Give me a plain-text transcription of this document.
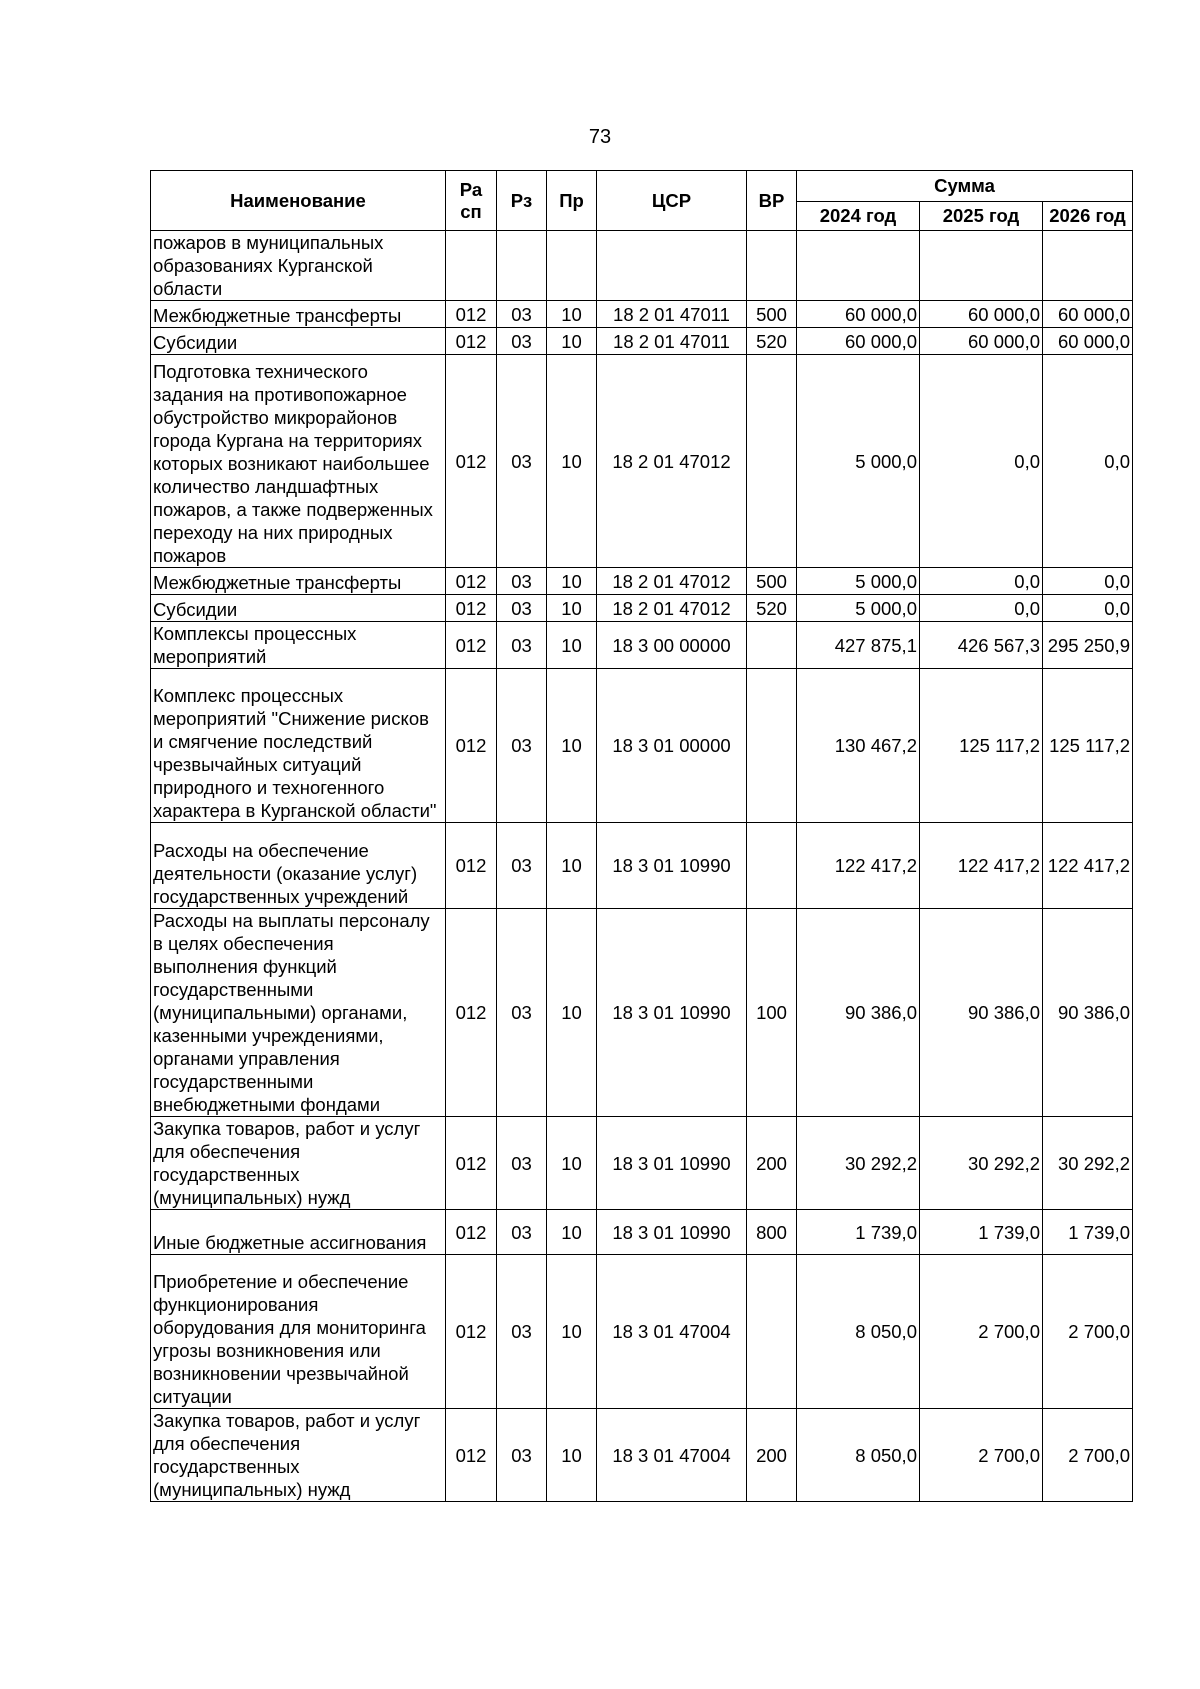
73
Наименование	Ра сп	Рз	Пр	ЦСР	ВР	Сумма		
						2024 год	2025 год	2026 год
пожаров в муниципальных образованиях Курганской области								
Межбюджетные трансферты	012	03	10	18 2 01 47011	500	60 000,0	60 000,0	60 000,0
Субсидии	012	03	10	18 2 01 47011	520	60 000,0	60 000,0	60 000,0
Подготовка технического задания на противопожарное обустройство микрорайонов города Кургана на территориях которых возникают наибольшее количество ландшафтных пожаров, а также подверженных переходу на них природных пожаров	012	03	10	18 2 01 47012		5 000,0	0,0	0,0
Межбюджетные трансферты	012	03	10	18 2 01 47012	500	5 000,0	0,0	0,0
Субсидии	012	03	10	18 2 01 47012	520	5 000,0	0,0	0,0
Комплексы процессных мероприятий	012	03	10	18 3 00 00000		427 875,1	426 567,3	295 250,9
Комплекс процессных мероприятий "Снижение рисков и смягчение последствий чрезвычайных ситуаций природного и техногенного характера в Курганской области"	012	03	10	18 3 01 00000		130 467,2	125 117,2	125 117,2
Расходы на обеспечение деятельности (оказание услуг) государственных учреждений	012	03	10	18 3 01 10990		122 417,2	122 417,2	122 417,2
Расходы на выплаты персоналу в целях обеспечения выполнения функций государственными (муниципальными) органами, казенными учреждениями, органами управления государственными внебюджетными фондами	012	03	10	18 3 01 10990	100	90 386,0	90 386,0	90 386,0
Закупка товаров, работ и услуг для обеспечения государственных (муниципальных) нужд	012	03	10	18 3 01 10990	200	30 292,2	30 292,2	30 292,2
Иные бюджетные ассигнования	012	03	10	18 3 01 10990	800	1 739,0	1 739,0	1 739,0
Приобретение и обеспечение функционирования оборудования для мониторинга угрозы возникновения или возникновении чрезвычайной ситуации	012	03	10	18 3 01 47004		8 050,0	2 700,0	2 700,0
Закупка товаров, работ и услуг для обеспечения государственных (муниципальных) нужд	012	03	10	18 3 01 47004	200	8 050,0	2 700,0	2 700,0
